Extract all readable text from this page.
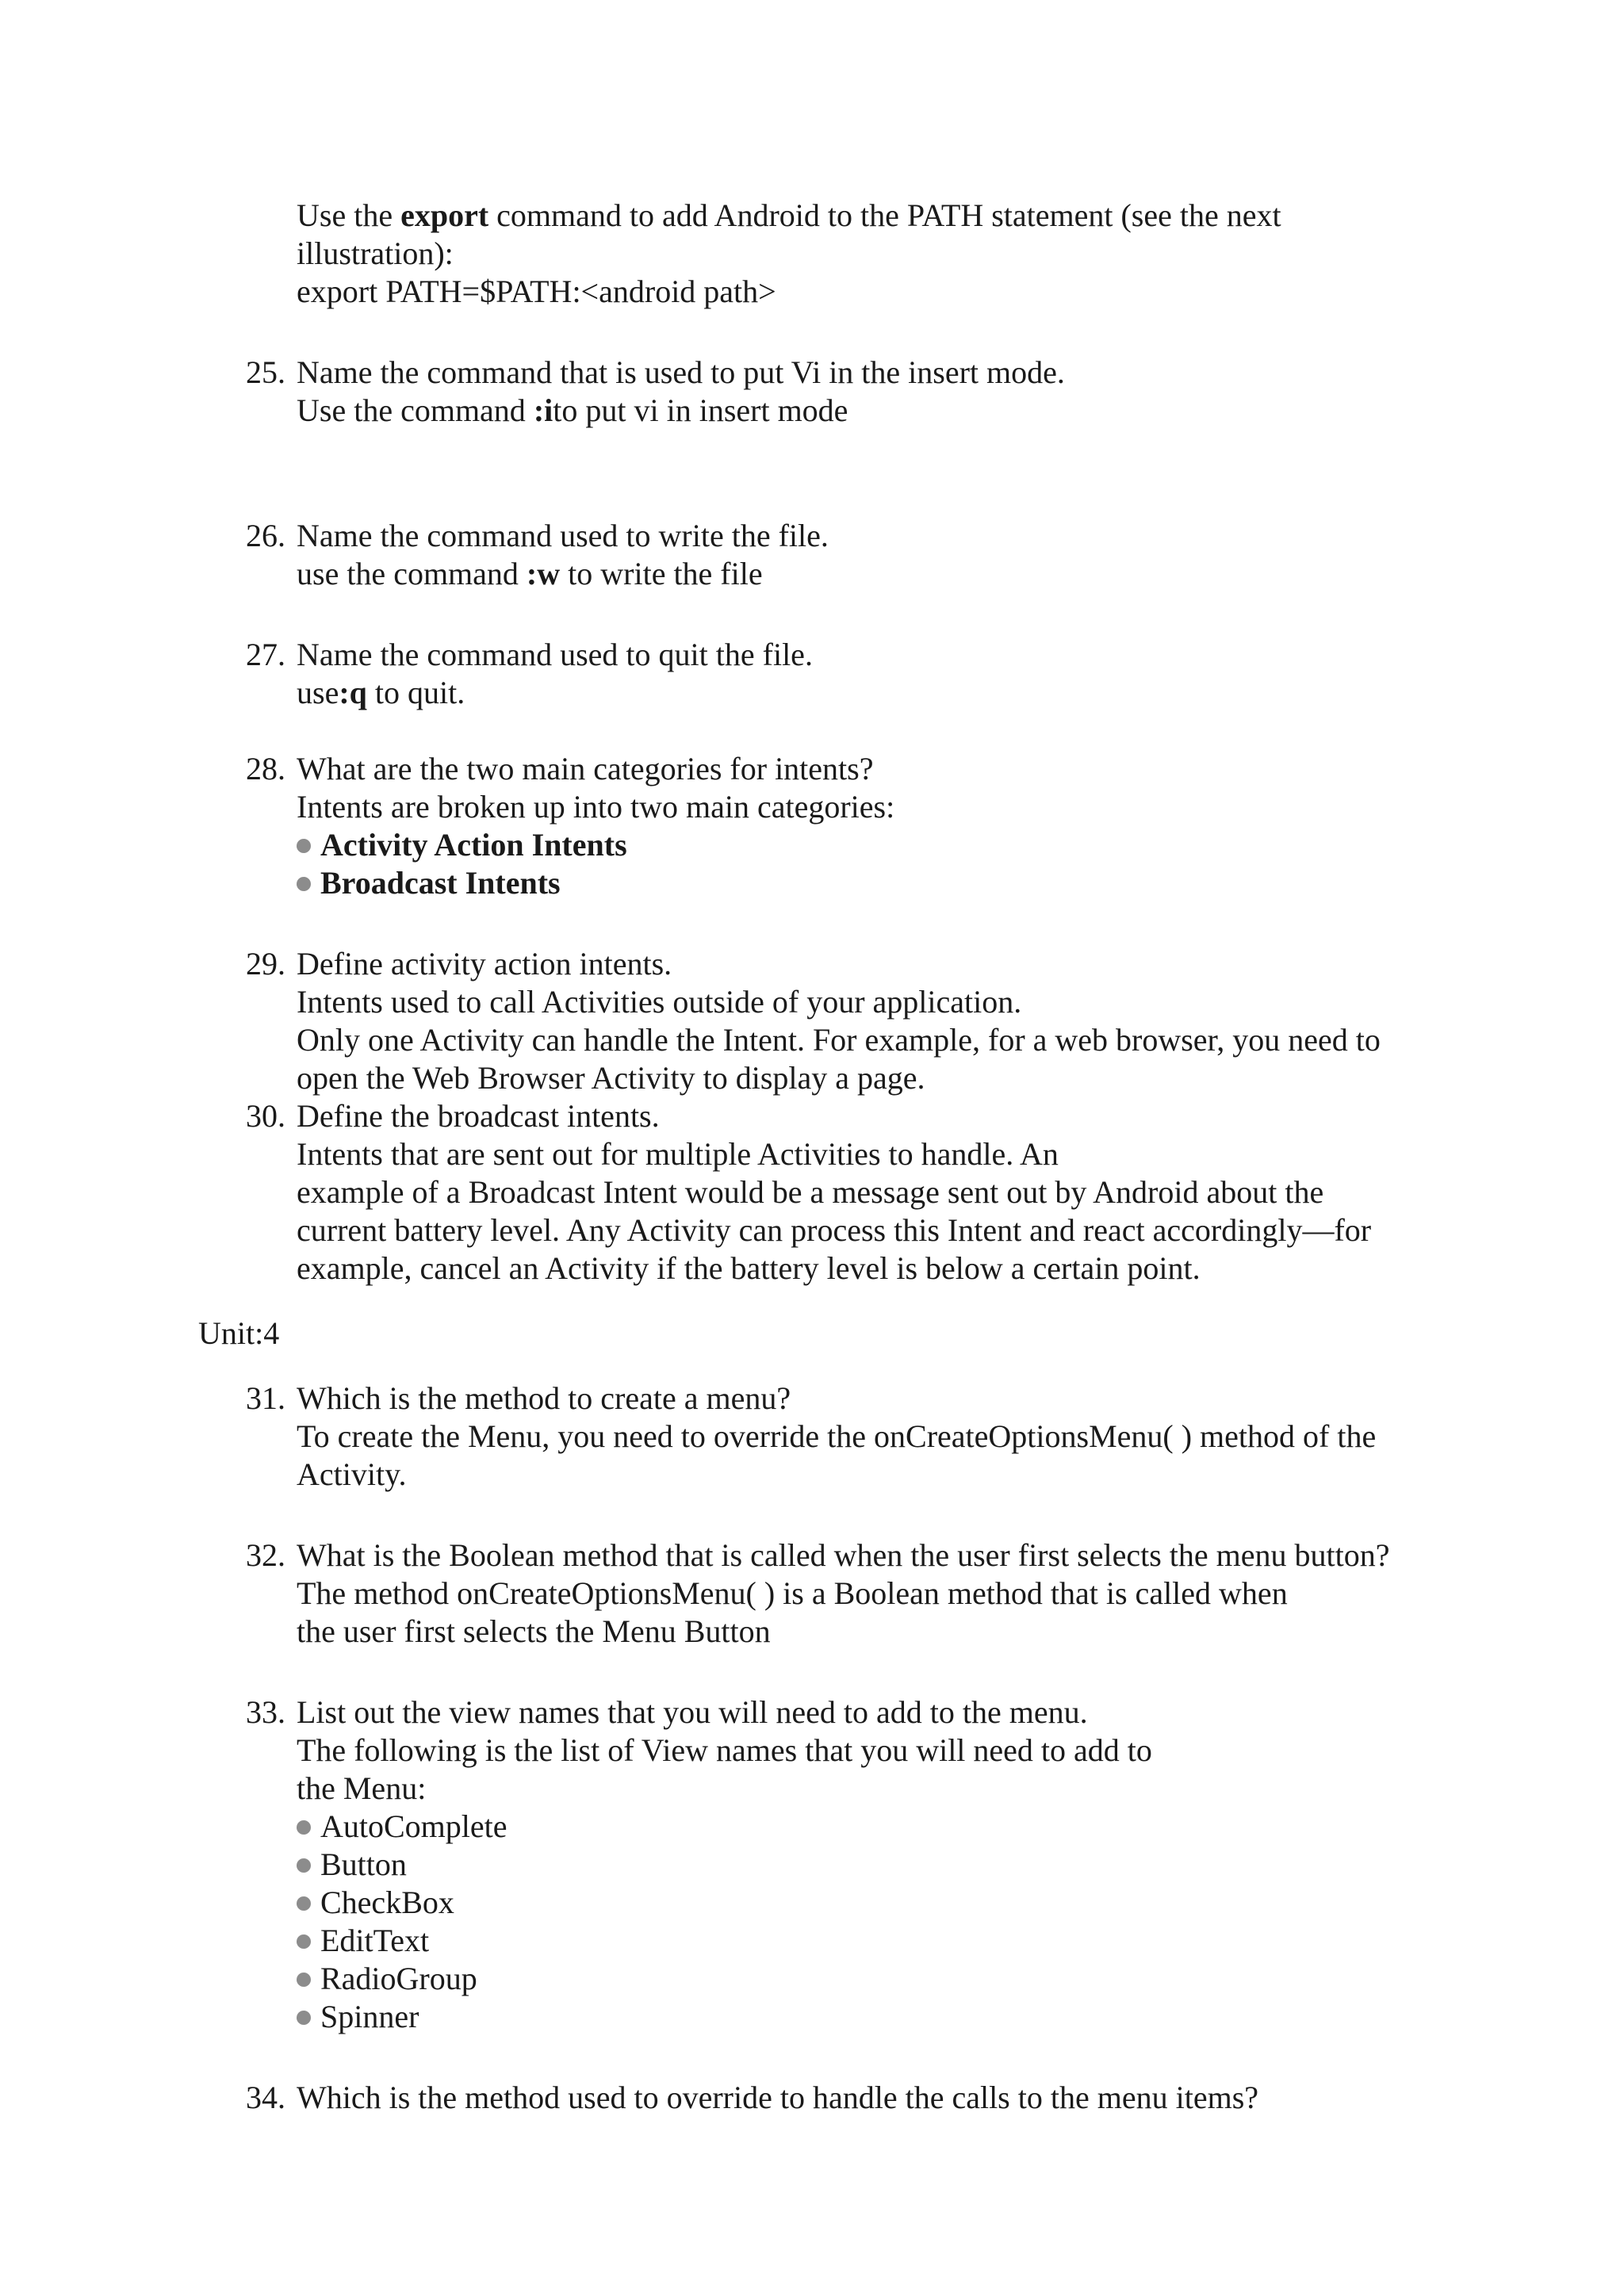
Use the export command to add Android to the PATH statement (see the next
illustration):
export PATH=$PATH:<android path>
25. Name the command that is used to put Vi in the insert mode.
Use the command :ito put vi in insert mode
26. Name the command used to write the file.
use the command :w to write the file
27. Name the command used to quit the file.
use:q to quit.
28. What are the two main categories for intents?
Intents are broken up into two main categories:
Activity Action Intents
Broadcast Intents
29. Define activity action intents.
Intents used to call Activities outside of your application.
Only one Activity can handle the Intent. For example, for a web browser, you need to
open the Web Browser Activity to display a page.
30. Define the broadcast intents.
Intents that are sent out for multiple Activities to handle. An
example of a Broadcast Intent would be a message sent out by Android about the
current battery level. Any Activity can process this Intent and react accordingly—for
example, cancel an Activity if the battery level is below a certain point.
Unit:4
31. Which is the method to create a menu?
To create the Menu, you need to override the onCreateOptionsMenu( ) method of the
Activity.
32. What is the Boolean method that is called when the user first selects the menu button?
The method onCreateOptionsMenu( ) is a Boolean method that is called when
the user first selects the Menu Button
33. List out the view names that you will need to add to the menu.
The following is the list of View names that you will need to add to
the Menu:
AutoComplete
Button
CheckBox
EditText
RadioGroup
Spinner
34. Which is the method used to override to handle the calls to the menu items?
